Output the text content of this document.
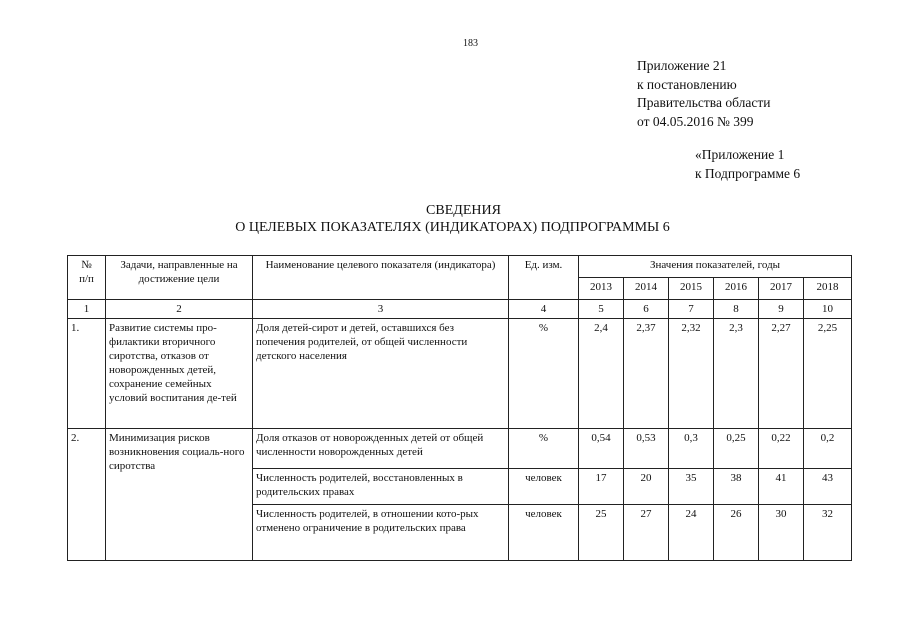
183
Приложение 21
к постановлению
Правительства области
от 04.05.2016 № 399
«Приложение 1
к Подпрограмме 6
СВЕДЕНИЯ
О ЦЕЛЕВЫХ ПОКАЗАТЕЛЯХ (ИНДИКАТОРАХ) ПОДПРОГРАММЫ 6
№
п/п	Задачи, направленные на достижение цели	Наименование целевого показателя (индикатора)	Ед. изм.	Значения показателей, годы					
				2013	2014	2015	2016	2017	2018
1	2	3	4	5	6	7	8	9	10
1.	Развитие системы про-филактики вторичного сиротства, отказов от новорожденных детей, сохранение семейных условий воспитания де-тей	Доля детей-сирот и детей, оставшихся без попечения родителей, от общей численности детского населения	%	2,4	2,37	2,32	2,3	2,27	2,25
2.	Минимизация рисков возникновения социаль-ного сиротства	Доля отказов от новорожденных детей от общей численности новорожденных детей	%	0,54	0,53	0,3	0,25	0,22	0,2
		Численность родителей, восстановленных в родительских правах	человек	17	20	35	38	41	43
		Численность родителей, в отношении кото-рых отменено ограничение в родительских права	человек	25	27	24	26	30	32
